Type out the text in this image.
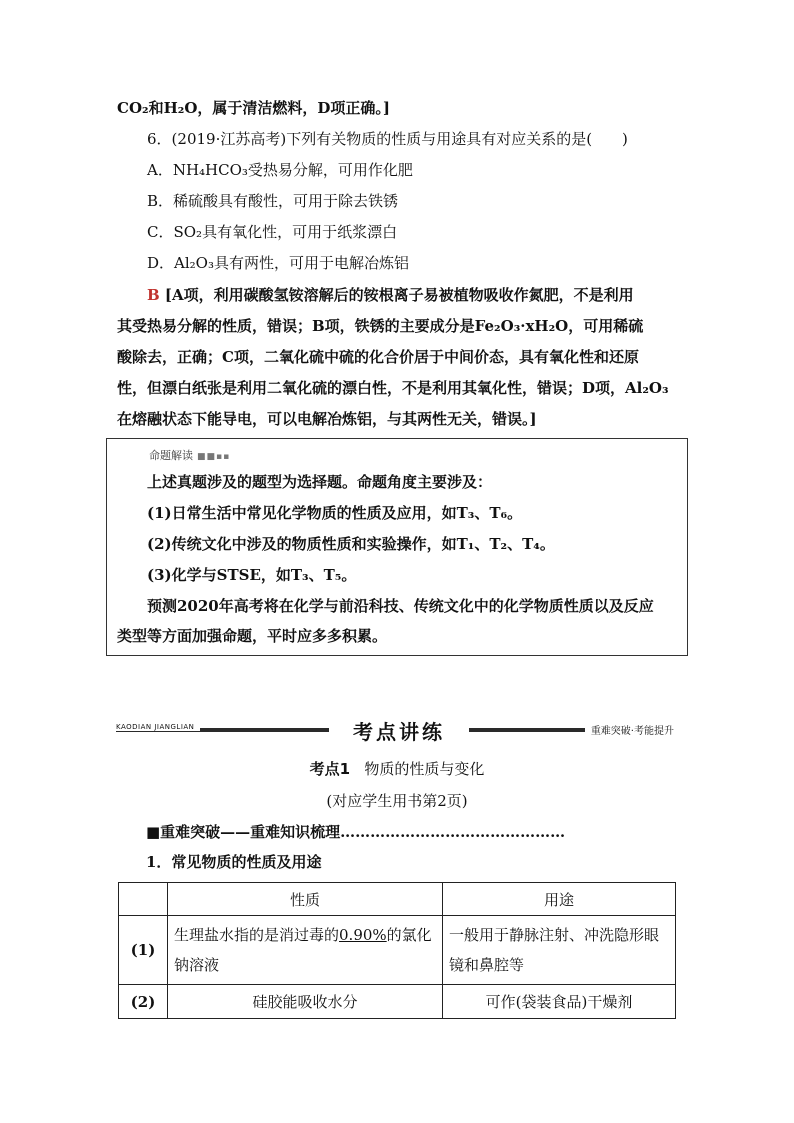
CO₂和H₂O，属于清洁燃料，D项正确。]
6．(2019·江苏高考)下列有关物质的性质与用途具有对应关系的是(　　)
A．NH₄HCO₃受热易分解，可用作化肥
B．稀硫酸具有酸性，可用于除去铁锈
C．SO₂具有氧化性，可用于纸浆漂白
D．Al₂O₃具有两性，可用于电解冶炼铝
B [A项，利用碳酸氢铵溶解后的铵根离子易被植物吸收作氮肥，不是利用
其受热易分解的性质，错误；B项，铁锈的主要成分是Fe₂O₃·xH₂O，可用稀硫
酸除去，正确；C项，二氧化硫中硫的化合价居于中间价态，具有氧化性和还原
性，但漂白纸张是利用二氧化硫的漂白性，不是利用其氧化性，错误；D项，Al₂O₃
在熔融状态下能导电，可以电解冶炼铝，与其两性无关，错误。]
命题解读 ■■▪▪
上述真题涉及的题型为选择题。命题角度主要涉及：
(1)日常生活中常见化学物质的性质及应用，如T₃、T₆。
(2)传统文化中涉及的物质性质和实验操作，如T₁、T₂、T₄。
(3)化学与STSE，如T₃、T₅。
预测2020年高考将在化学与前沿科技、传统文化中的化学物质性质以及反应
类型等方面加强命题，平时应多多积累。
KAODIAN JIANGLIAN	考点讲练	重难突破·考能提升
考点1 物质的性质与变化
(对应学生用书第2页)
■重难突破——重难知识梳理………………………………………
1．常见物质的性质及用途
	性质	用途
(1)	生理盐水指的是消过毒的0.90%的氯化钠溶液	一般用于静脉注射、冲洗隐形眼镜和鼻腔等
(2)	硅胶能吸收水分	可作(袋装食品)干燥剂
